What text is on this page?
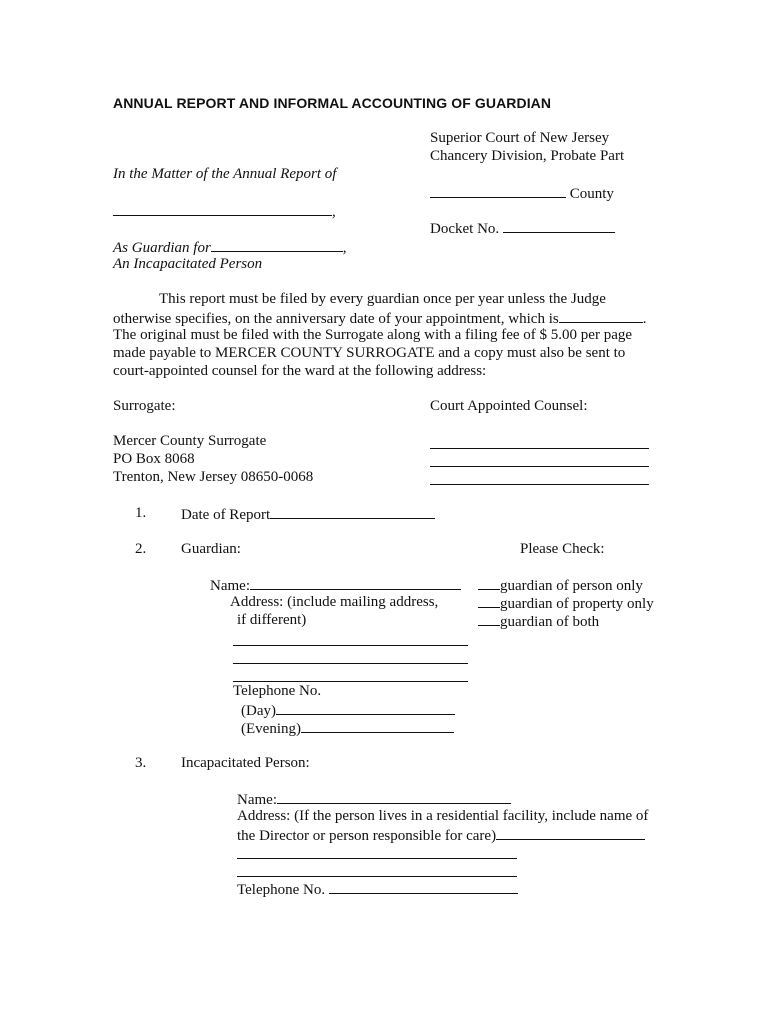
ANNUAL REPORT AND INFORMAL ACCOUNTING OF GUARDIAN
Superior Court of New Jersey
Chancery Division, Probate Part
County
Docket No.
In the Matter of the Annual Report of
,
As Guardian for	,
An Incapacitated Person
This report must be filed by every guardian once per year unless the Judge
otherwise specifies, on the anniversary date of your appointment, which is	.
The original must be filed with the Surrogate along with a filing fee of $ 5.00 per page
made payable to MERCER COUNTY SURROGATE and a copy must also be sent to
court-appointed counsel for the ward at the following address:
Surrogate:	Court Appointed Counsel:
Mercer County Surrogate
PO Box 8068
Trenton, New Jersey 08650-0068
1. Date of Report
2. Guardian:	Please Check:
Name:
Address: (include mailing address,
if different)
guardian of person only
guardian of property only
guardian of both
Telephone No.
(Day)
(Evening)
3. Incapacitated Person:
Name:
Address: (If the person lives in a residential facility, include name of
the Director or person responsible for care)
Telephone No.
